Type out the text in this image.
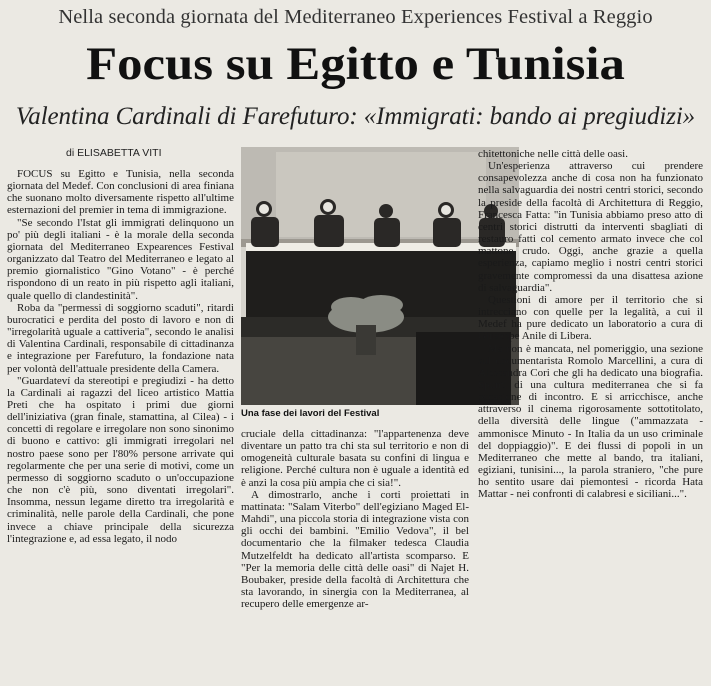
Nella seconda giornata del Mediterraneo Experiences Festival a Reggio
Focus su Egitto e Tunisia
Valentina Cardinali di Farefuturo: «Immigrati: bando ai pregiudizi»
di ELISABETTA VITI

FOCUS su Egitto e Tunisia, nella seconda giornata del Medef. Con conclusioni di area finiana che suonano molto diversamente rispetto all'ultime esternazioni del premier in tema di immigrazione.

"Se secondo l'Istat gli immigrati delinquono un po' più degli italiani - è la morale della seconda giornata del Mediterraneo Expearences Festival organizzato dal Teatro del Mediterraneo e legato al premio giornalistico "Gino Votano" - è perché rispondono di un reato in più rispetto agli italiani, quale quello di clandestinità".

Roba da "permessi di soggiorno scaduti", ritardi burocratici e perdita del posto di lavoro e non di "irregolarità uguale a cattiveria", secondo le analisi di Valentina Cardinali, responsabile di cittadinanza e integrazione per Farefuturo, la fondazione nata per volontà dell'attuale presidente della Camera.

"Guardateví da stereotipi e pregiudizi - ha detto la Cardinali ai ragazzi del liceo artistico Mattia Preti che ha ospitato i primi due giorni dell'iniziativa (gran finale, stamattina, al Cilea) - i concetti di regolare e irregolare non sono sinonimo di buono e cattivo: gli immigrati irregolari nel nostro paese sono per l'80% persone arrivate qui regolarmente che per una serie di motivi, come un permesso di soggiorno scaduto o un'occupazione che non c'è più, sono diventati irregolari". Insomma, nessun legame diretto tra irregolarità e criminalità, nelle parole della Cardinali, che pone invece a chiave principale della sicurezza l'integrazione e, ad essa legato, il nodo

Una fase dei lavori del Festival

cruciale della cittadinanza: "l'appartenenza deve diventare un patto tra chi sta sul territorio e non di omogeneità culturale basata su confini di lingua e religione. Perché cultura non è uguale a identità ed è anzi la cosa più ampia che ci sia!".

A dimostrarlo, anche i corti proiettati in mattinata: "Salam Viterbo" dell'egiziano Maged El-Mahdi", una piccola storia di integrazione vista con gli occhi dei bambini. "Emilio Vedova", il bel documentario che la filmaker tedesca Claudia Mutzelfeldt ha dedicato all'artista scomparso. E "Per la memoria delle città delle oasi" di Najet H. Boubaker, preside della facoltà di Architettura che sta lavorando, in sinergia con la Mediterranea, al recupero delle emergenze ar-

chitettoniche nelle città delle oasi.

Un'esperienza attraverso cui prendere consapevolezza anche di cosa non ha funzionato nella salvaguardia dei nostri centri storici, secondo la preside della facoltà di Architettura di Reggio, Francesca Fatta: "in Tunisia abbiamo preso atto di centri storici distrutti da interventi sbagliati di restauro fatti col cemento armato invece che col mattone crudo. Oggi, anche grazie a quella esperienza, capiamo meglio i nostri centri storici gravemente compromessi da una disattesa azione di salvaguardia".

Questioni di amore per il territorio che si intrecciano con quelle per la legalità, a cui il Medef ha pure dedicato un laboratorio a cura di Giuseppe Anile di Libera.

Ma non è mancata, nel pomeriggio, una sezione sul documentarista Romolo Marcellini, a cura di Alessandra Cori che gli ha dedicato una biografia. Spunti di una cultura mediterranea che si fa occasione di incontro. E si arricchisce, anche attraverso il cinema rigorosamente sottotitolato, della diversità delle lingue ("ammazzata - ammonisce Minuto - In Italia da un uso criminale del doppiaggio)". E dei flussi di popoli in un Mediterraneo che mette al bando, tra italiani, egiziani, tunisini..., la parola straniero, "che pure ho sentito usare dai piemontesi - ricorda Hata Mattar - nei confronti di calabresi e siciliani...".
